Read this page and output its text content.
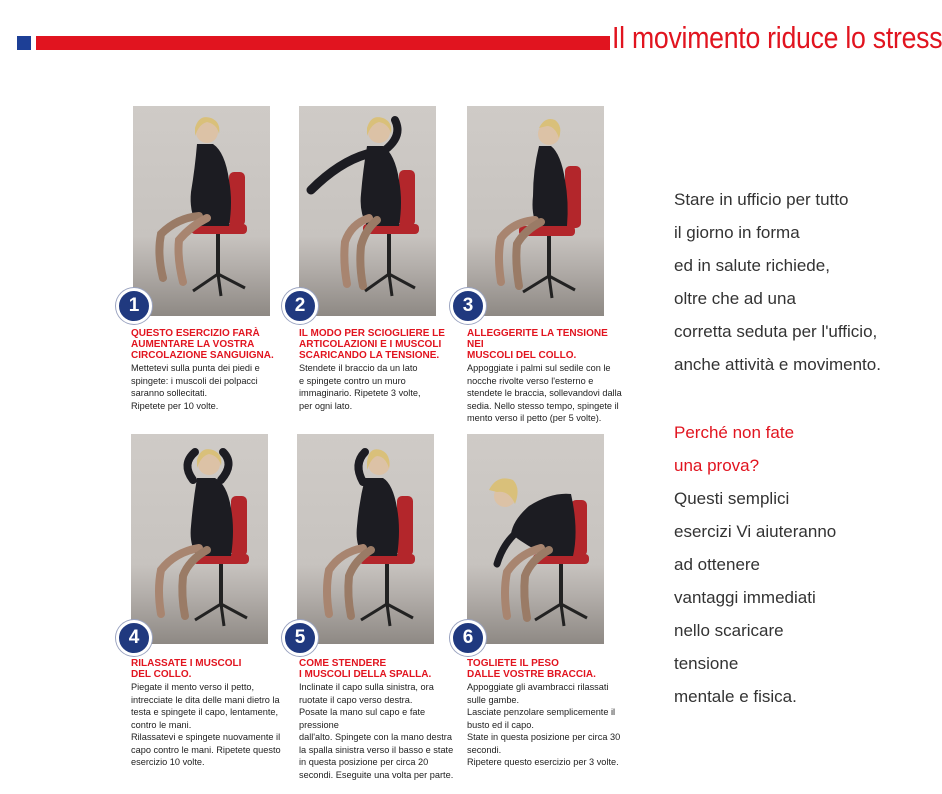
Il movimento riduce lo stress
1

QUESTO ESERCIZIO FARÀ
AUMENTARE LA VOSTRA
CIRCOLAZIONE SANGUIGNA.

Mettetevi sulla punta dei piedi e
spingete: i muscoli dei polpacci
saranno sollecitati.
Ripetete per 10 volte.

2

IL MODO PER SCIOGLIERE LE
ARTICOLAZIONI E I MUSCOLI
SCARICANDO LA TENSIONE.

Stendete il braccio da un lato
e spingete contro un muro
immaginario. Ripetete 3 volte,
per ogni lato.

3

ALLEGGERITE LA TENSIONE NEI
MUSCOLI DEL COLLO.

Appoggiate i palmi sul sedile con le
nocche rivolte verso l'esterno e
stendete le braccia, sollevandovi dalla
sedia. Nello stesso tempo, spingete il
mento verso il petto (per 5 volte).

4

RILASSATE I MUSCOLI
DEL COLLO.

Piegate il mento verso il petto,
intrecciate le dita delle mani dietro la
testa e spingete il capo, lentamente,
contro le mani.
Rilassatevi e spingete nuovamente il
capo contro le mani. Ripetete questo
esercizio 10 volte.

5

COME STENDERE
I MUSCOLI DELLA SPALLA.

Inclinate il capo sulla sinistra, ora
ruotate il capo verso destra.
Posate la mano sul capo e fate pressione
dall'alto. Spingete con la mano destra
la spalla sinistra verso il basso e state
in questa posizione per circa 20
secondi. Eseguite una volta per parte.

6

TOGLIETE IL PESO
DALLE VOSTRE BRACCIA.

Appoggiate gli avambracci rilassati
sulle gambe.
Lasciate penzolare semplicemente il
busto ed il capo.
State in questa posizione per circa 30
secondi.
Ripetere questo esercizio per 3 volte.

Stare in ufficio per tutto
il giorno in forma
ed in salute richiede,
oltre che ad una
corretta seduta per l'ufficio,
anche attività e movimento.
Perché non fate
una prova?
Questi semplici
esercizi Vi aiuteranno
ad ottenere
vantaggi immediati
nello scaricare
tensione
mentale e fisica.
